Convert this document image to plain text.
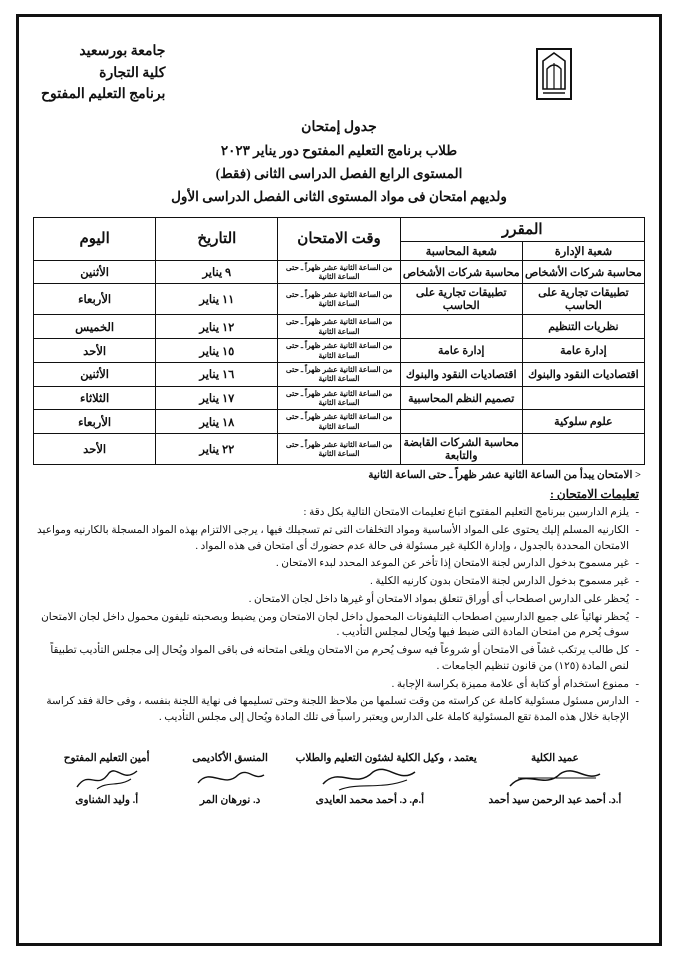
جامعة بورسعيد
كلية التجارة
برنامج التعليم المفتوح
جدول إمتحان
طلاب برنامج التعليم المفتوح دور يناير ٢٠٢٣
المستوى الرابع الفصل الدراسى الثانى (فقط)
ولديهم امتحان فى مواد المستوى الثانى الفصل الدراسى الأول
المقرر		وقت الامتحان	التاريخ	اليوم
شعبة الإدارة	شعبة المحاسبة			
محاسبة شركات الأشخاص	محاسبة شركات الأشخاص	من الساعة الثانية عشر ظهراً ـ حتى الساعة الثانية	٩ يناير	الأثنين
تطبيقات تجارية على الحاسب	تطبيقات تجارية على الحاسب	من الساعة الثانية عشر ظهراً ـ حتى الساعة الثانية	١١ يناير	الأربعاء
نظريات التنظيم		من الساعة الثانية عشر ظهراً ـ حتى الساعة الثانية	١٢ يناير	الخميس
إدارة عامة	إدارة عامة	من الساعة الثانية عشر ظهراً ـ حتى الساعة الثانية	١٥ يناير	الأحد
اقتصاديات النقود والبنوك	اقتصاديات النقود والبنوك	من الساعة الثانية عشر ظهراً ـ حتى الساعة الثانية	١٦ يناير	الأثنين
	تصميم النظم المحاسبية	من الساعة الثانية عشر ظهراً ـ حتى الساعة الثانية	١٧ يناير	الثلاثاء
علوم سلوكية		من الساعة الثانية عشر ظهراً ـ حتى الساعة الثانية	١٨ يناير	الأربعاء
	محاسبة الشركات القابضة والتابعة	من الساعة الثانية عشر ظهراً ـ حتى الساعة الثانية	٢٢ يناير	الأحد
< الامتحان يبدأ من الساعة الثانية عشر ظهراً ـ حتى الساعة الثانية
تعليمات الامتحان :
- يلزم الدارسين ببرنامج التعليم المفتوح اتباع تعليمات الامتحان التالية بكل دقة :
- الكارنيه المسلم إليك يحتوى على المواد الأساسية ومواد التخلفات التى تم تسجيلك فيها ، يرجى الالتزام بهذه المواد المسجلة بالكارنيه ومواعيد الامتحان المحددة بالجدول ، وإدارة الكلية غير مسئولة فى حالة عدم حضورك أى امتحان فى هذه المواد .
- غير مسموح بدخول الدارس لجنة الامتحان إذا تأخر عن الموعد المحدد لبدء الامتحان .
- غير مسموح بدخول الدارس لجنة الامتحان بدون كارنيه الكلية .
- يُحظر على الدارس اصطحاب أى أوراق تتعلق بمواد الامتحان أو غيرها داخل لجان الامتحان .
- يُحظر نهائياً على جميع الدارسين اصطحاب التليفونات المحمول داخل لجان الامتحان ومن يضبط وبصحبته تليفون محمول داخل لجان الامتحان سوف يُحرم من امتحان المادة التى ضبط فيها ويُحال لمجلس التأديب .
- كل طالب يرتكب غشاً فى الامتحان أو شروعاً فيه سوف يُحرم من الامتحان ويلغى امتحانه فى باقى المواد ويُحال إلى مجلس التأديب تطبيقاً لنص المادة (١٢٥) من قانون تنظيم الجامعات .
- ممنوع استخدام أو كتابة أى علامة مميزة بكراسة الإجابة .
- الدارس مسئول مسئولية كاملة عن كراسته من وقت تسلمها من ملاحظ اللجنة وحتى تسليمها فى نهاية اللجنة بنفسه ، وفى حالة فقد كراسة الإجابة خلال هذه المدة تقع المسئولية كاملة على الدارس ويعتبر راسباً فى تلك المادة ويُحال إلى مجلس التأديب .
أمين التعليم المفتوح
أ. وليد الشناوى
المنسق الأكاديمى
د. نورهان المر
وكيل الكلية لشئون التعليم والطلاب
أ.م. د. أحمد محمد العايدى
يعتمد ،	عميد الكلية
أ.د. أحمد عبد الرحمن سيد أحمد
